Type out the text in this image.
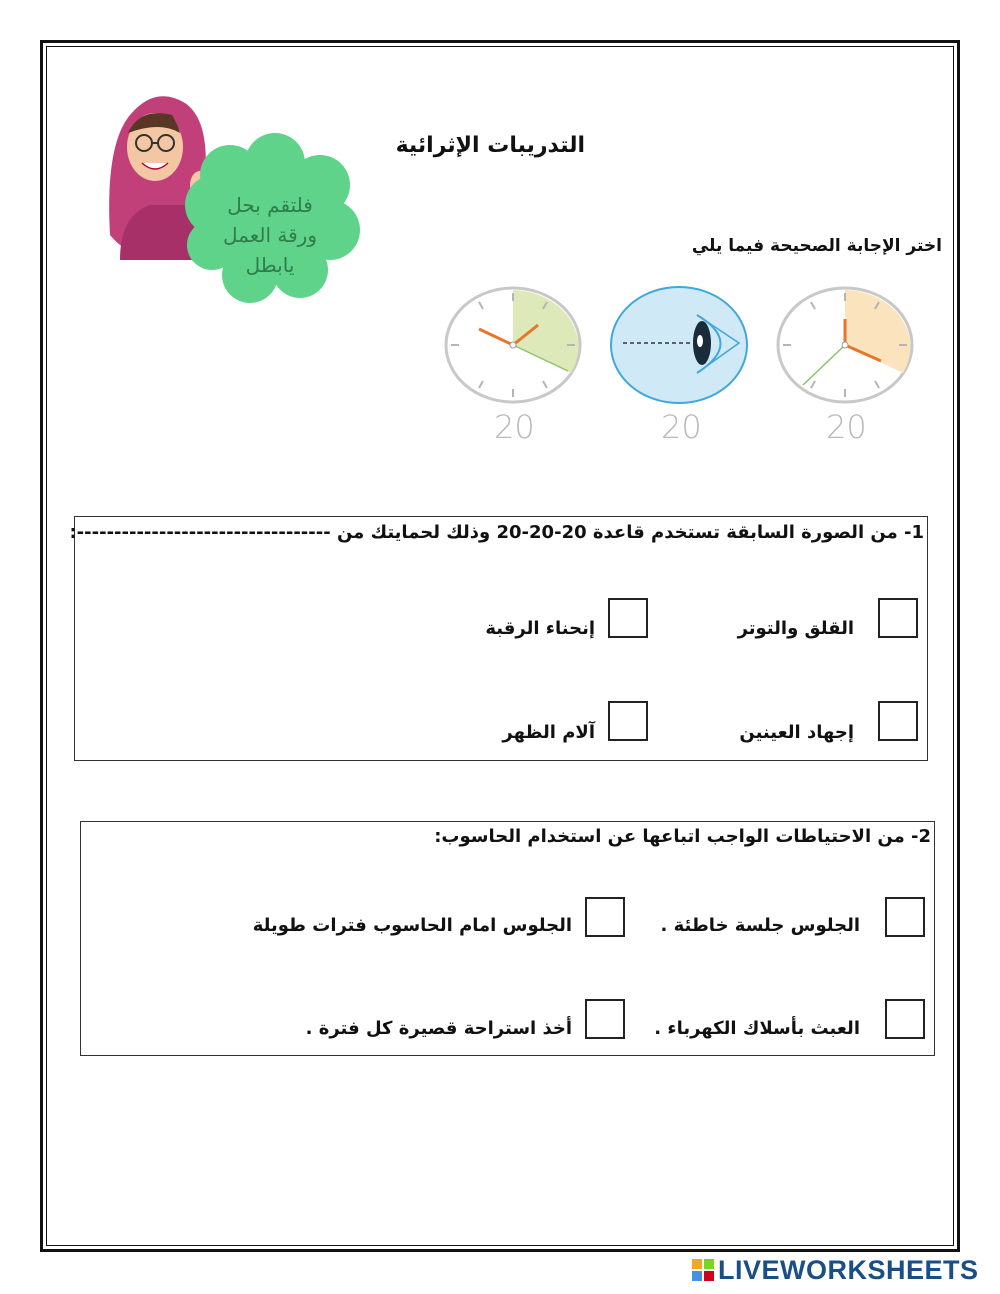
فلتقم بحل
ورقة العمل
يابطل
التدريبات الإثرائية
اختر الإجابة الصحيحة فيما يلي
20	20	20
1- من الصورة السابقة تستخدم قاعدة 20-20-20 وذلك لحمايتك من ----------------------------------:
القلق والتوتر
إنحناء الرقبة
إجهاد العينين
آلام الظهر
2- من الاحتياطات الواجب اتباعها عن استخدام الحاسوب:
الجلوس جلسة خاطئة .
الجلوس امام الحاسوب فترات طويلة
العبث بأسلاك الكهرباء .
أخذ استراحة قصيرة كل فترة .
LIVEWORKSHEETS
